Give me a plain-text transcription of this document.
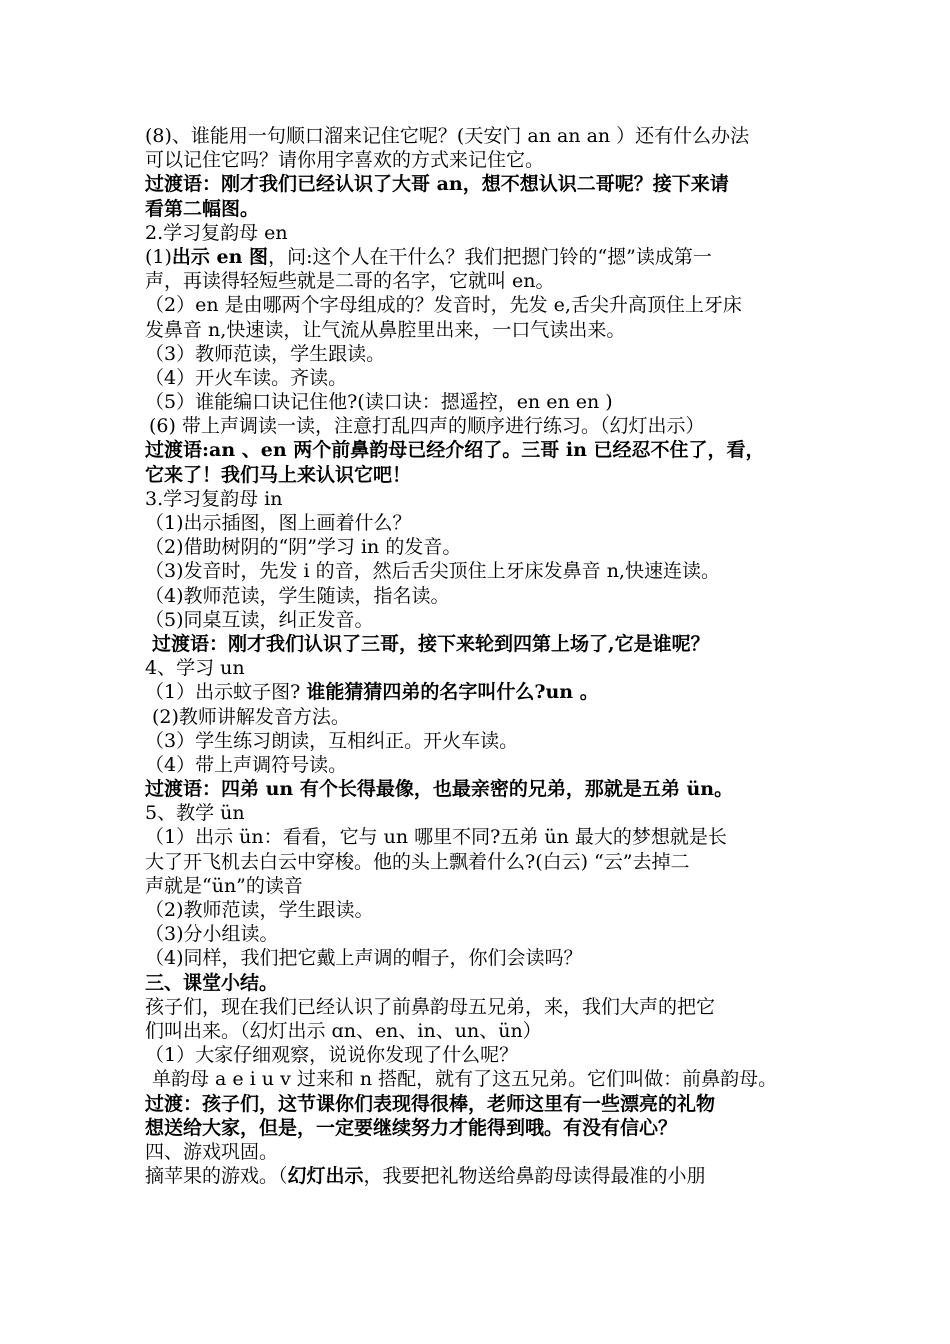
(8)、谁能用一句顺口溜来记住它呢？(天安门 an an an ）还有什么办法
可以记住它吗？请你用字喜欢的方式来记住它。
过渡语：刚才我们已经认识了大哥 an，想不想认识二哥呢？接下来请
看第二幅图。
2.学习复韵母 en
(1)出示 en 图，问:这个人在干什么？我们把摁门铃的“摁”读成第一
声，再读得轻短些就是二哥的名字，它就叫 en。
（2）en 是由哪两个字母组成的？发音时，先发 e,舌尖升高顶住上牙床
发鼻音 n,快速读，让气流从鼻腔里出来，一口气读出来。
（3）教师范读，学生跟读。
（4）开火车读。齐读。
（5）谁能编口诀记住他?(读口诀：摁遥控，en en en )
(6) 带上声调读一读，注意打乱四声的顺序进行练习。（幻灯出示）
过渡语:an 、en 两个前鼻韵母已经介绍了。三哥 in 已经忍不住了，看，
它来了！我们马上来认识它吧！
3.学习复韵母 in
（1)出示插图，图上画着什么？
（2)借助树阴的“阴”学习 in 的发音。
（3)发音时，先发 i 的音，然后舌尖顶住上牙床发鼻音 n,快速连读。
（4)教师范读，学生随读，指名读。
（5)同桌互读，纠正发音。
过渡语：刚才我们认识了三哥，接下来轮到四第上场了,它是谁呢？
4、学习 un
（1）出示蚊子图? 谁能猜猜四弟的名字叫什么?un 。
(2)教师讲解发音方法。
（3）学生练习朗读，互相纠正。开火车读。
（4）带上声调符号读。
过渡语：四弟 un 有个长得最像，也最亲密的兄弟，那就是五弟 ün。
5、教学 ün
（1）出示 ün：看看，它与 un 哪里不同?五弟 ün 最大的梦想就是长
大了开飞机去白云中穿梭。他的头上飘着什么?(白云) “云”去掉二
声就是“ün”的读音
（2)教师范读，学生跟读。
（3)分小组读。
（4)同样，我们把它戴上声调的帽子，你们会读吗？
三、课堂小结。
孩子们，现在我们已经认识了前鼻韵母五兄弟，来，我们大声的把它
们叫出来。（幻灯出示 ɑn、en、in、un、ün）
（1）大家仔细观察，说说你发现了什么呢？
单韵母 a e i u v 过来和 n 搭配，就有了这五兄弟。它们叫做：前鼻韵母。
过渡：孩子们，这节课你们表现得很棒，老师这里有一些漂亮的礼物
想送给大家，但是，一定要继续努力才能得到哦。有没有信心？
四、游戏巩固。
摘苹果的游戏。（幻灯出示，我要把礼物送给鼻韵母读得最准的小朋
